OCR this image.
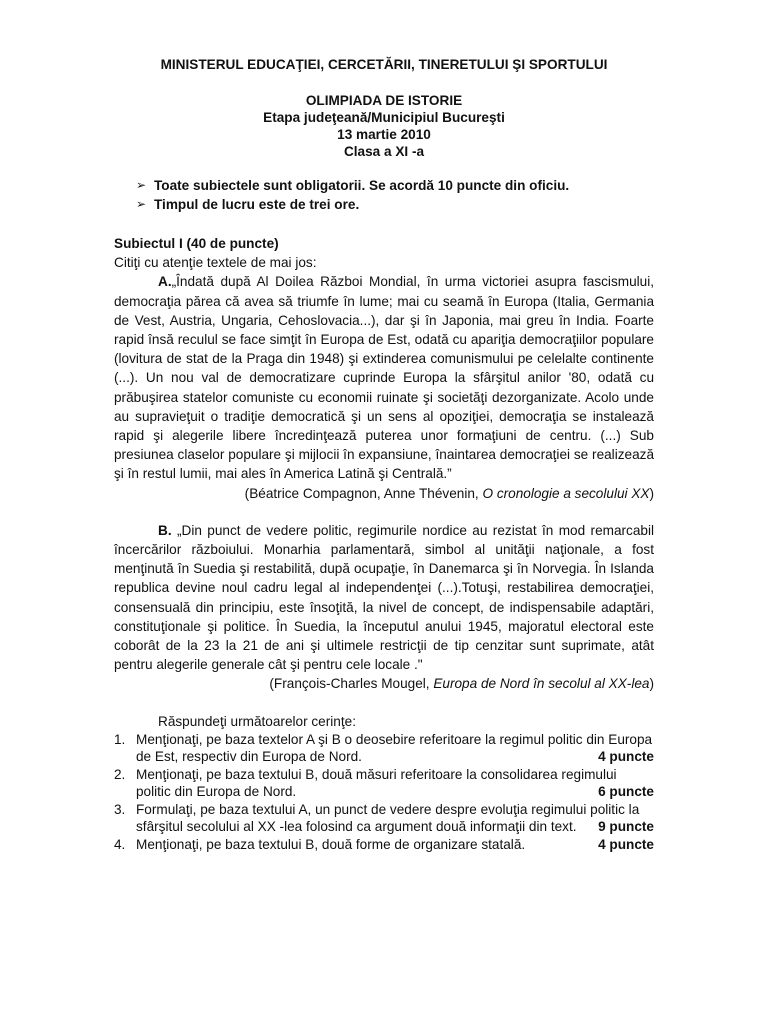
MINISTERUL EDUCAŢIEI, CERCETĂRII, TINERETULUI ŞI SPORTULUI
OLIMPIADA DE ISTORIE
Etapa judeţeană/Municipiul Bucureşti
13 martie 2010
Clasa a XI -a
➢ Toate subiectele sunt obligatorii. Se acordă 10 puncte din oficiu.
➢ Timpul de lucru este de trei ore.
Subiectul I (40 de puncte)
Citiţi cu atenţie textele de mai jos:

A.„Îndată după Al Doilea Război Mondial, în urma victoriei asupra fascismului, democraţia părea că avea să triumfe în lume; mai cu seamă în Europa (Italia, Germania de Vest, Austria, Ungaria, Cehoslovacia...), dar şi în Japonia, mai greu în India. Foarte rapid însă reculul se face simţit în Europa de Est, odată cu apariţia democraţiilor populare (lovitura de stat de la Praga din 1948) şi extinderea comunismului pe celelalte continente (...). Un nou val de democratizare cuprinde Europa la sfârşitul anilor '80, odată cu prăbuşirea statelor comuniste cu economii ruinate şi societăţi dezorganizate. Acolo unde au supravieţuit o tradiţie democratică şi un sens al opoziţiei, democraţia se instalează rapid şi alegerile libere încredinţează puterea unor formaţiuni de centru. (...) Sub presiunea claselor populare şi mijlocii în expansiune, înaintarea democraţiei se realizează şi în restul lumii, mai ales în America Latină şi Centrală.”

(Béatrice Compagnon, Anne Thévenin, O cronologie a secolului XX)

B. „Din punct de vedere politic, regimurile nordice au rezistat în mod remarcabil încercărilor războiului. Monarhia parlamentară, simbol al unităţii naţionale, a fost menţinută în Suedia şi restabilită, după ocupaţie, în Danemarca şi în Norvegia. În Islanda republica devine noul cadru legal al independenţei (...).Totuşi, restabilirea democraţiei, consensuală din principiu, este însoţită, la nivel de concept, de indispensabile adaptări, constituţionale şi politice. În Suedia, la începutul anului 1945, majoratul electoral este coborât de la 23 la 21 de ani şi ultimele restricţii de tip cenzitar sunt suprimate, atât pentru alegerile generale cât şi pentru cele locale ."

(François-Charles Mougel, Europa de Nord în secolul al XX-lea)

Răspundeţi următoarelor cerinţe:
1. Menţionaţi, pe baza textelor A şi B o deosebire referitoare la regimul politic din Europa de Est, respectiv din Europa de Nord.	4 puncte
2. Menţionaţi, pe baza textului B, două măsuri referitoare la consolidarea regimului politic din Europa de Nord.	6 puncte
3. Formulaţi, pe baza textului A, un punct de vedere despre evoluţia regimului politic la sfârşitul secolului al XX -lea folosind ca argument două informaţii din text. 9 puncte
4. Menţionaţi, pe baza textului B, două forme de organizare statală.	4 puncte
